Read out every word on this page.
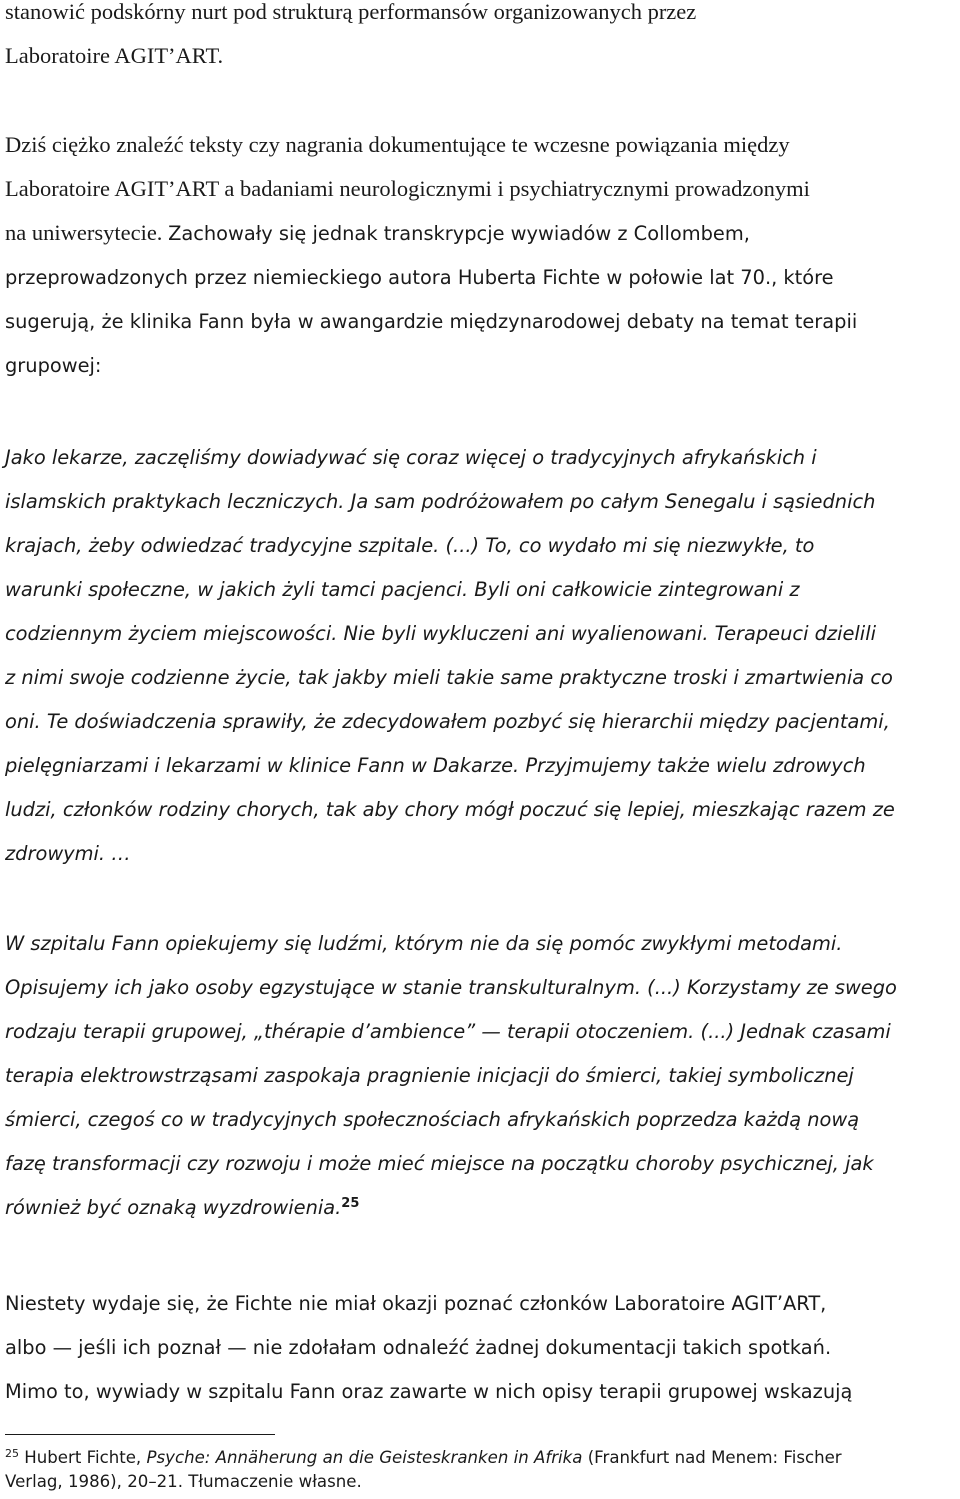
stanowić podskórny nurt pod strukturą performansów organizowanych przez
Laboratoire AGIT’ART.
Dziś ciężko znaleźć teksty czy nagrania dokumentujące te wczesne powiązania między
Laboratoire AGIT’ART a badaniami neurologicznymi i psychiatrycznymi prowadzonymi
na uniwersytecie. Zachowały się jednak transkrypcje wywiadów z Collombem,
przeprowadzonych przez niemieckiego autora Huberta Fichte w połowie lat 70., które
sugerują, że klinika Fann była w awangardzie międzynarodowej debaty na temat terapii
grupowej:
Jako lekarze, zaczęliśmy dowiadywać się coraz więcej o tradycyjnych afrykańskich i
islamskich praktykach leczniczych. Ja sam podróżowałem po całym Senegalu i sąsiednich
krajach, żeby odwiedzać tradycyjne szpitale. (...) To, co wydało mi się niezwykłe, to
warunki społeczne, w jakich żyli tamci pacjenci. Byli oni całkowicie zintegrowani z
codziennym życiem miejscowości. Nie byli wykluczeni ani wyalienowani. Terapeuci dzielili
z nimi swoje codzienne życie, tak jakby mieli takie same praktyczne troski i zmartwienia co
oni. Te doświadczenia sprawiły, że zdecydowałem pozbyć się hierarchii między pacjentami,
pielęgniarzami i lekarzami w klinice Fann w Dakarze. Przyjmujemy także wielu zdrowych
ludzi, członków rodziny chorych, tak aby chory mógł poczuć się lepiej, mieszkając razem ze
zdrowymi. …
W szpitalu Fann opiekujemy się ludźmi, którym nie da się pomóc zwykłymi metodami.
Opisujemy ich jako osoby egzystujące w stanie transkulturalnym. (...) Korzystamy ze swego
rodzaju terapii grupowej, „thérapie d’ambience” — terapii otoczeniem. (...) Jednak czasami
terapia elektrowstrząsami zaspokaja pragnienie inicjacji do śmierci, takiej symbolicznej
śmierci, czegoś co w tradycyjnych społecznościach afrykańskich poprzedza każdą nową
fazę transformacji czy rozwoju i może mieć miejsce na początku choroby psychicznej, jak
również być oznaką wyzdrowienia.$^{25}$
Niestety wydaje się, że Fichte nie miał okazji poznać członków Laboratoire AGIT’ART,
albo — jeśli ich poznał — nie zdołałam odnaleźć żadnej dokumentacji takich spotkań.
Mimo to, wywiady w szpitalu Fann oraz zawarte w nich opisy terapii grupowej wskazują
$^{25}$ Hubert Fichte, Psyche: Annäherung an die Geisteskranken in Afrika (Frankfurt nad Menem: Fischer
Verlag, 1986), 20–21. Tłumaczenie własne.
